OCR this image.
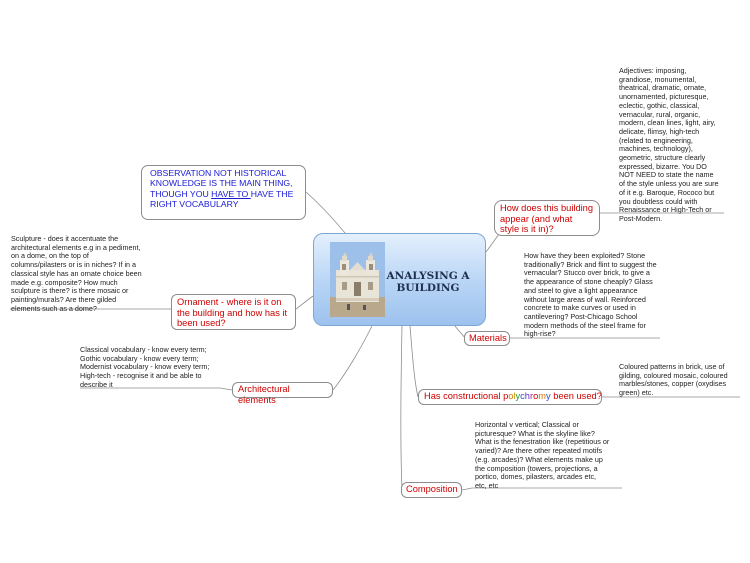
ANALYSING A
BUILDING
OBSERVATION NOT HISTORICAL KNOWLEDGE IS THE MAIN THING, THOUGH YOU HAVE TO HAVE THE RIGHT VOCABULARY	How does this building appear (and what style is it in)?
Ornament - where is it on the building and how has it been used?
Architectural elements
Materials
Has constructional polychromy been used?
Composition
Adjectives: imposing,
grandiose, monumental,
theatrical, dramatic, ornate,
unornamented, picturesque,
eclectic, gothic, classical,
vernacular, rural, organic,
modern, clean lines, light, airy,
delicate, flimsy, high-tech
(related to engineering,
machines, technology),
geometric, structure clearly
expressed, bizarre. You DO
NOT NEED to state the name
of the style unless you are sure
of it e.g. Baroque, Rococo but
you doubtless could with
Renaissance or High-Tech or
Post-Modern.
Sculpture - does it accentuate the
architectural elements e.g in a pediment,
on a dome, on the top of
columns/pilasters or is in niches? If in a
classical style has an ornate choice been
made e.g. composite? How much
sculpture is there? is there mosaic or
painting/murals? Are there gilded
elements such as a dome?
Classical vocabulary - know every term;
Gothic vocabulary - know every term;
Modernist vocabulary - know every term;
High-tech - recognise it and be able to
describe it
How have they been exploited? Stone
traditionally? Brick and flint to suggest the
vernacular? Stucco over brick, to give a
the appearance of stone cheaply? Glass
and steel to give a light appearance
without large areas of wall. Reinforced
concrete to make curves or used in
cantilevering? Post-Chicago School
modern methods of the steel frame for
high-rise?
Coloured patterns in brick, use of
gilding, coloured mosaic, coloured
marbles/stones, copper (oxydises
green) etc.
Horizontal v vertical; Classical or
picturesque? What is the skyline like?
What is the fenestration like (repetitious or
varied)? Are there other repeated motifs
(e.g. arcades)? What elements make up
the composition (towers, projections, a
portico, domes, pilasters, arcades etc,
etc, etc
